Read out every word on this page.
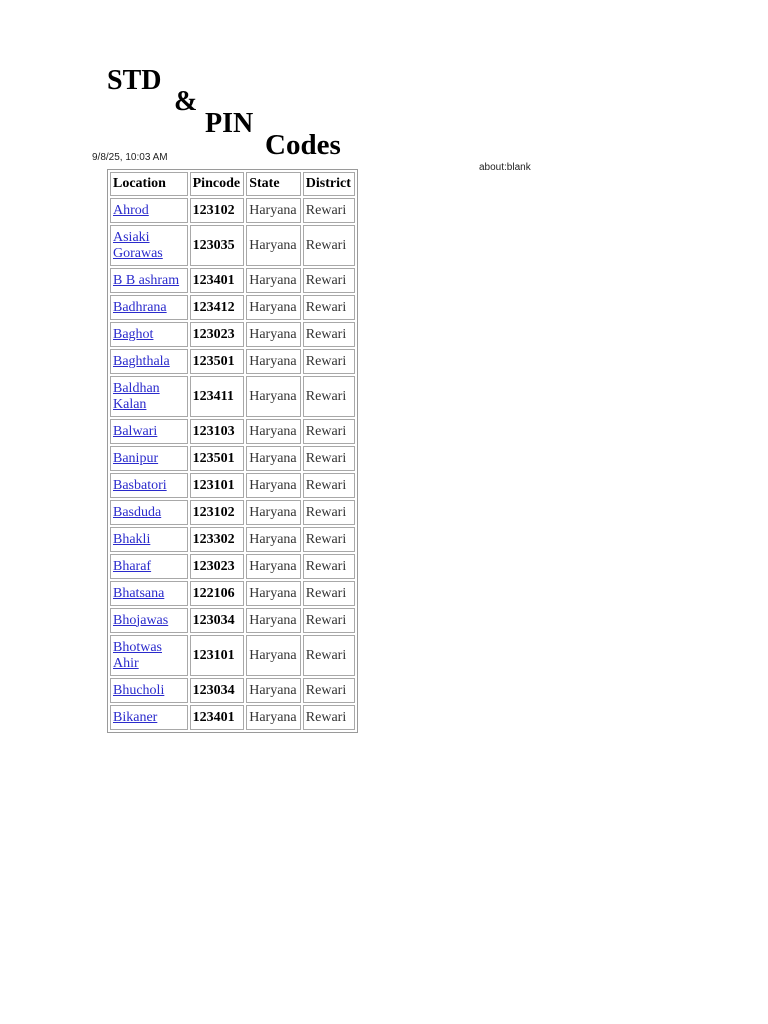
STD
&
PIN
Codes
9/8/25, 10:03 AM
about:blank
Location	Pincode	State	District
Ahrod	123102	Haryana	Rewari
Asiaki Gorawas	123035	Haryana	Rewari
B B ashram	123401	Haryana	Rewari
Badhrana	123412	Haryana	Rewari
Baghot	123023	Haryana	Rewari
Baghthala	123501	Haryana	Rewari
Baldhan Kalan	123411	Haryana	Rewari
Balwari	123103	Haryana	Rewari
Banipur	123501	Haryana	Rewari
Basbatori	123101	Haryana	Rewari
Basduda	123102	Haryana	Rewari
Bhakli	123302	Haryana	Rewari
Bharaf	123023	Haryana	Rewari
Bhatsana	122106	Haryana	Rewari
Bhojawas	123034	Haryana	Rewari
Bhotwas Ahir	123101	Haryana	Rewari
Bhucholi	123034	Haryana	Rewari
Bikaner	123401	Haryana	Rewari
